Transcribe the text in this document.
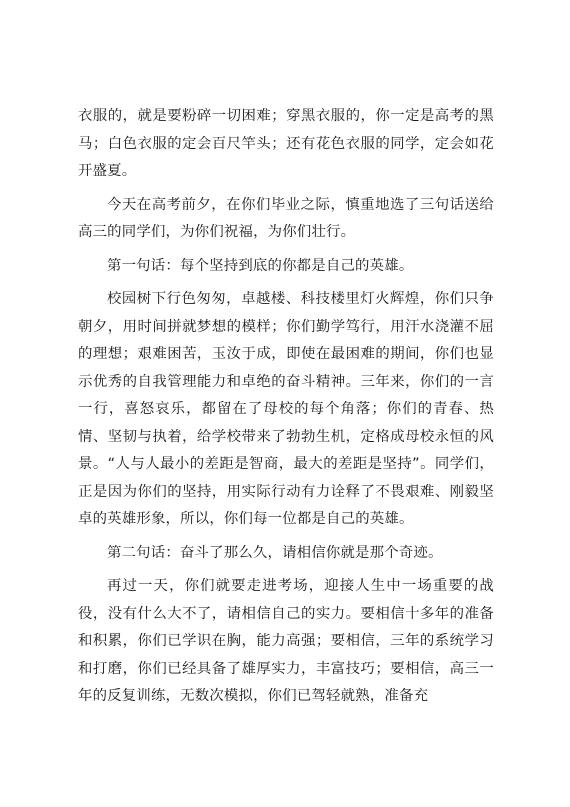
衣服的，就是要粉碎一切困难；穿黑衣服的，你一定是高考的黑马；白色衣服的定会百尺竿头；还有花色衣服的同学，定会如花开盛夏。

今天在高考前夕，在你们毕业之际，慎重地选了三句话送给高三的同学们，为你们祝福，为你们壮行。

第一句话：每个坚持到底的你都是自己的英雄。

校园树下行色匆匆，卓越楼、科技楼里灯火辉煌，你们只争朝夕，用时间拼就梦想的模样；你们勤学笃行，用汗水浇灌不屈的理想；艰难困苦，玉汝于成，即使在最困难的期间，你们也显示优秀的自我管理能力和卓绝的奋斗精神。三年来，你们的一言一行，喜怒哀乐，都留在了母校的每个角落；你们的青春、热情、坚韧与执着，给学校带来了勃勃生机，定格成母校永恒的风景。“人与人最小的差距是智商，最大的差距是坚持”。同学们，正是因为你们的坚持，用实际行动有力诠释了不畏艰难、刚毅坚卓的英雄形象，所以，你们每一位都是自己的英雄。

第二句话：奋斗了那么久，请相信你就是那个奇迹。

再过一天，你们就要走进考场，迎接人生中一场重要的战役，没有什么大不了，请相信自己的实力。要相信十多年的准备和积累，你们已学识在胸，能力高强；要相信，三年的系统学习和打磨，你们已经具备了雄厚实力，丰富技巧；要相信，高三一年的反复训练，无数次模拟，你们已驾轻就熟，准备充
